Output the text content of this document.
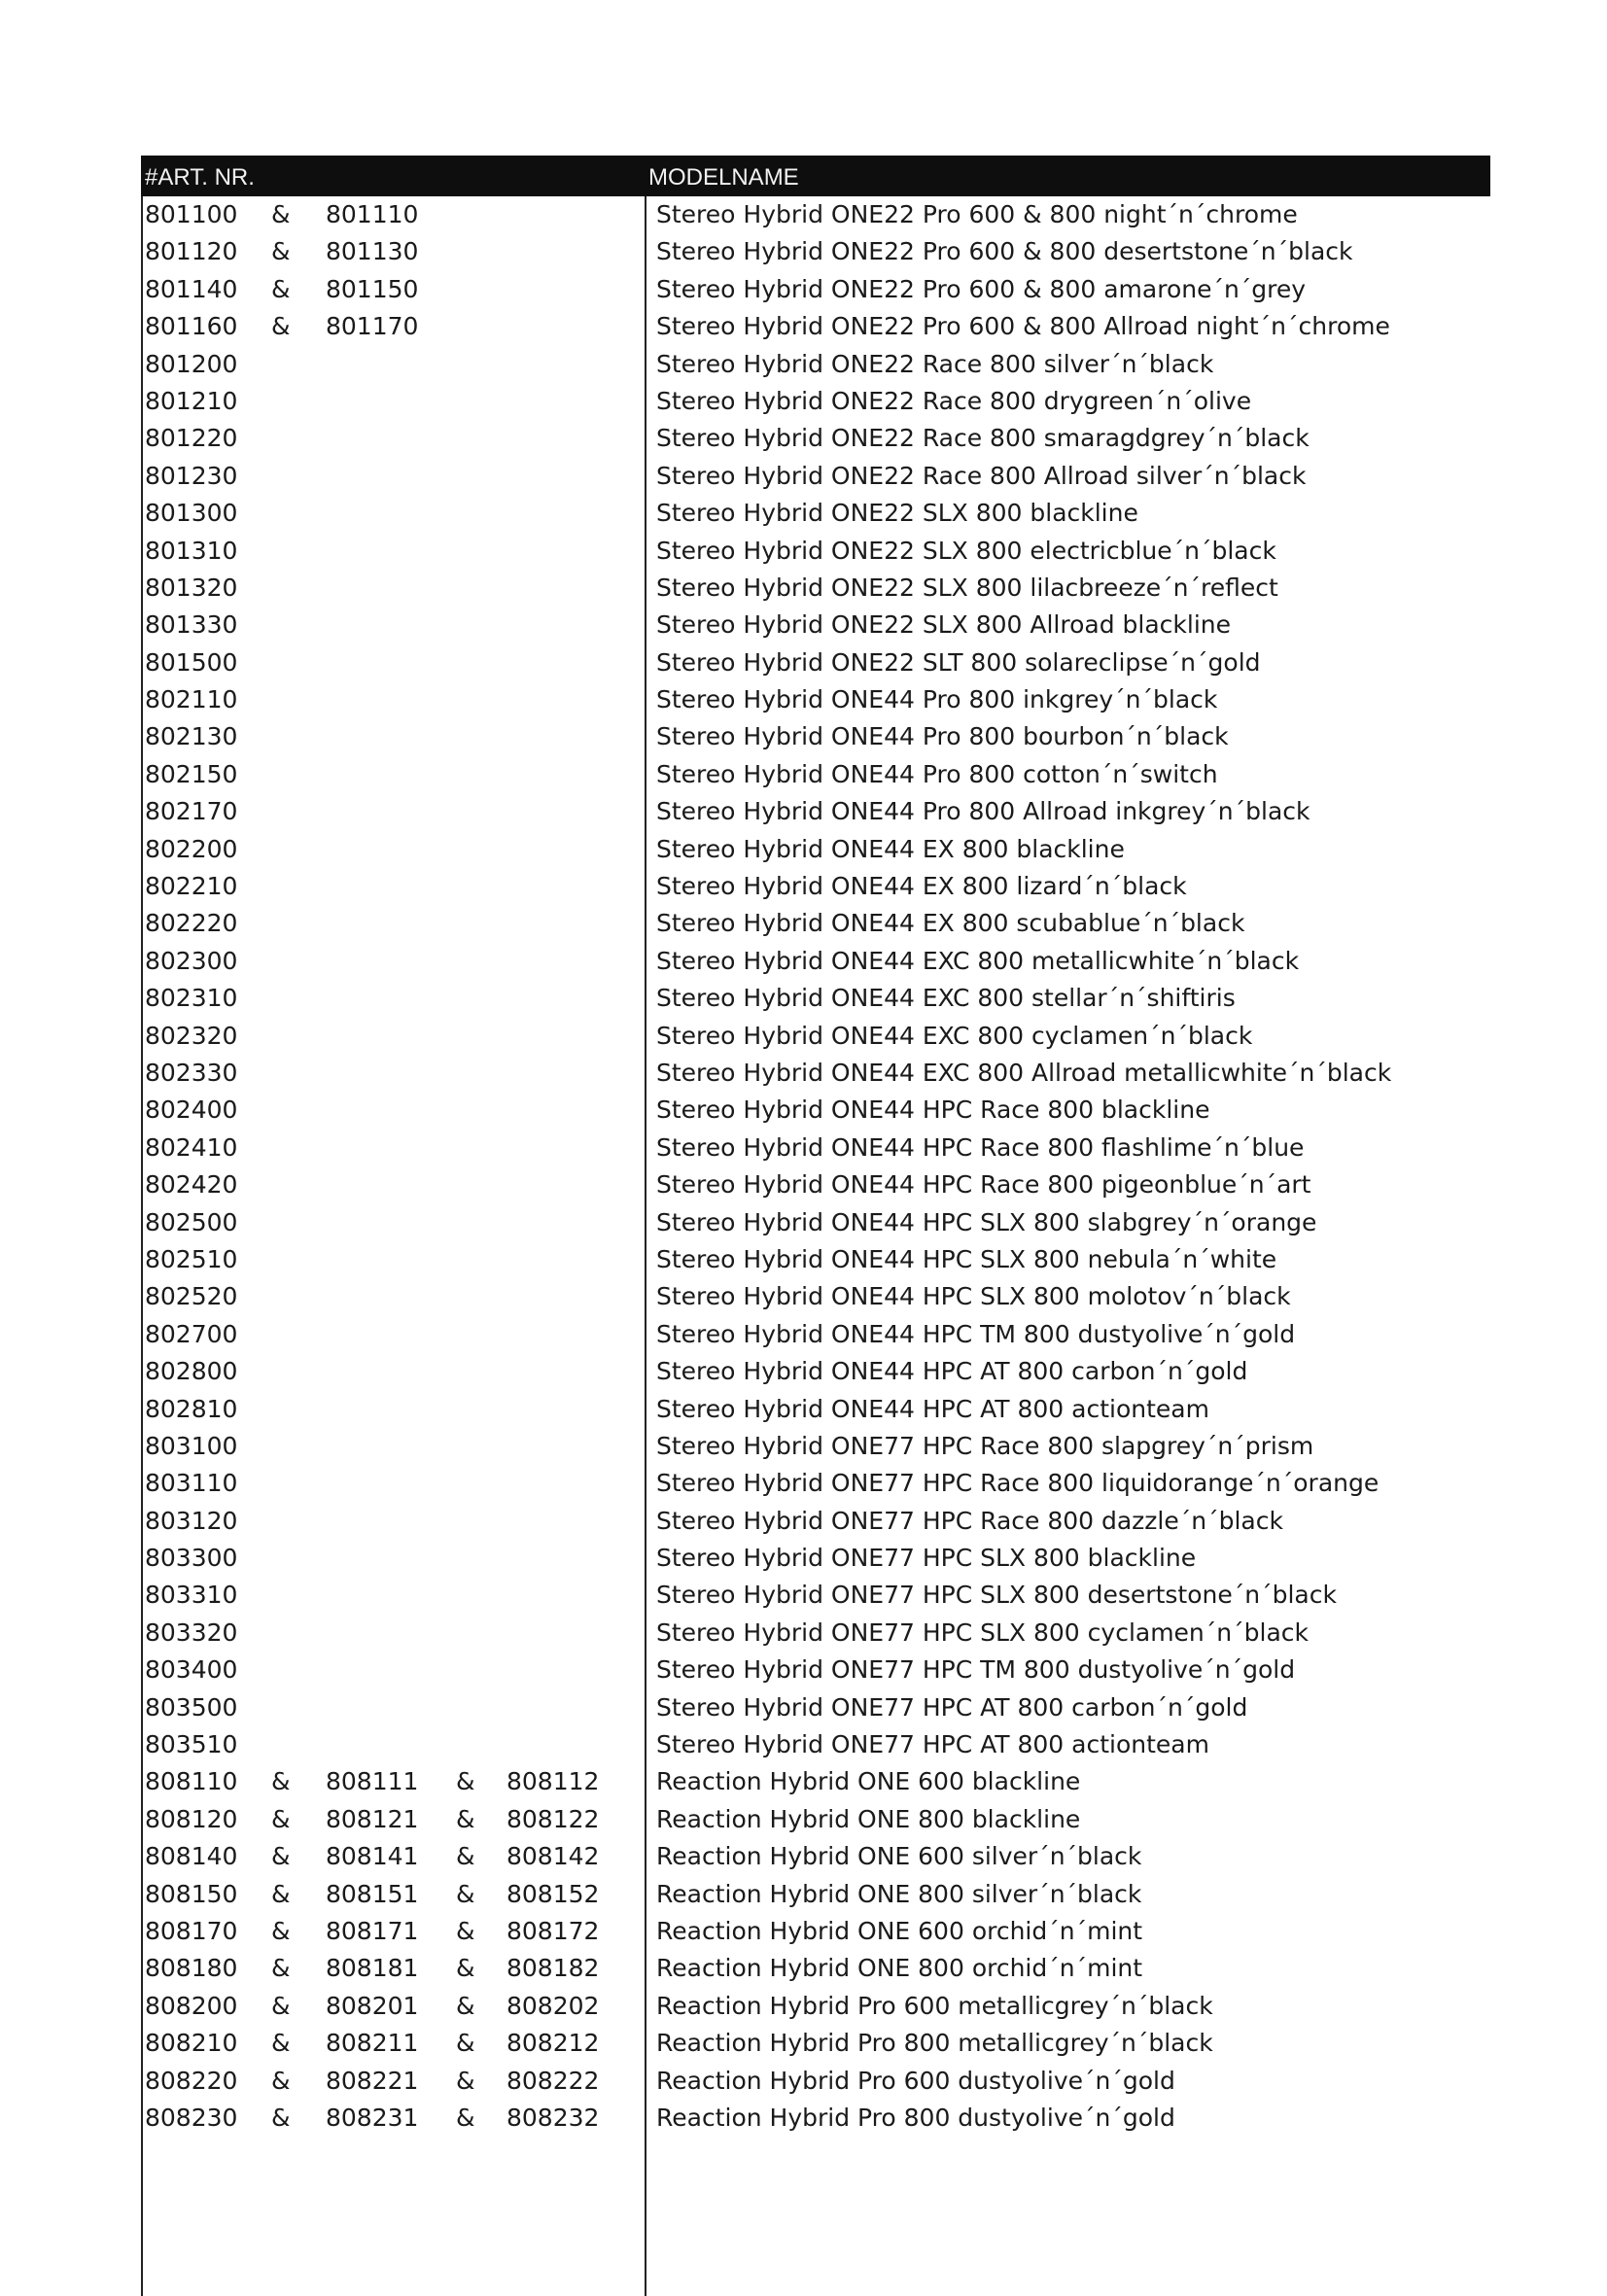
#ART. NR.	MODELNAME
801100 & 801110	Stereo Hybrid ONE22 Pro 600 & 800 night´n´chrome
801120 & 801130	Stereo Hybrid ONE22 Pro 600 & 800 desertstone´n´black
801140 & 801150	Stereo Hybrid ONE22 Pro 600 & 800 amarone´n´grey
801160 & 801170	Stereo Hybrid ONE22 Pro 600 & 800 Allroad night´n´chrome
801200	Stereo Hybrid ONE22 Race 800 silver´n´black
801210	Stereo Hybrid ONE22 Race 800 drygreen´n´olive
801220	Stereo Hybrid ONE22 Race 800 smaragdgrey´n´black
801230	Stereo Hybrid ONE22 Race 800 Allroad silver´n´black
801300	Stereo Hybrid ONE22 SLX 800 blackline
801310	Stereo Hybrid ONE22 SLX 800 electricblue´n´black
801320	Stereo Hybrid ONE22 SLX 800 lilacbreeze´n´reflect
801330	Stereo Hybrid ONE22 SLX 800 Allroad blackline
801500	Stereo Hybrid ONE22 SLT 800 solareclipse´n´gold
802110	Stereo Hybrid ONE44 Pro 800 inkgrey´n´black
802130	Stereo Hybrid ONE44 Pro 800 bourbon´n´black
802150	Stereo Hybrid ONE44 Pro 800 cotton´n´switch
802170	Stereo Hybrid ONE44 Pro 800 Allroad inkgrey´n´black
802200	Stereo Hybrid ONE44 EX 800 blackline
802210	Stereo Hybrid ONE44 EX 800 lizard´n´black
802220	Stereo Hybrid ONE44 EX 800 scubablue´n´black
802300	Stereo Hybrid ONE44 EXC 800 metallicwhite´n´black
802310	Stereo Hybrid ONE44 EXC 800 stellar´n´shiftiris
802320	Stereo Hybrid ONE44 EXC 800 cyclamen´n´black
802330	Stereo Hybrid ONE44 EXC 800 Allroad metallicwhite´n´black
802400	Stereo Hybrid ONE44 HPC Race 800 blackline
802410	Stereo Hybrid ONE44 HPC Race 800 flashlime´n´blue
802420	Stereo Hybrid ONE44 HPC Race 800 pigeonblue´n´art
802500	Stereo Hybrid ONE44 HPC SLX 800 slabgrey´n´orange
802510	Stereo Hybrid ONE44 HPC SLX 800 nebula´n´white
802520	Stereo Hybrid ONE44 HPC SLX 800 molotov´n´black
802700	Stereo Hybrid ONE44 HPC TM 800 dustyolive´n´gold
802800	Stereo Hybrid ONE44 HPC AT 800 carbon´n´gold
802810	Stereo Hybrid ONE44 HPC AT 800 actionteam
803100	Stereo Hybrid ONE77 HPC Race 800 slapgrey´n´prism
803110	Stereo Hybrid ONE77 HPC Race 800 liquidorange´n´orange
803120	Stereo Hybrid ONE77 HPC Race 800 dazzle´n´black
803300	Stereo Hybrid ONE77 HPC SLX 800 blackline
803310	Stereo Hybrid ONE77 HPC SLX 800 desertstone´n´black
803320	Stereo Hybrid ONE77 HPC SLX 800 cyclamen´n´black
803400	Stereo Hybrid ONE77 HPC TM 800 dustyolive´n´gold
803500	Stereo Hybrid ONE77 HPC AT 800 carbon´n´gold
803510	Stereo Hybrid ONE77 HPC AT 800 actionteam
808110 & 808111 & 808112 Reaction Hybrid ONE 600 blackline
808120 & 808121 & 808122 Reaction Hybrid ONE 800 blackline
808140 & 808141 & 808142 Reaction Hybrid ONE 600 silver´n´black
808150 & 808151 & 808152 Reaction Hybrid ONE 800 silver´n´black
808170 & 808171 & 808172 Reaction Hybrid ONE 600 orchid´n´mint
808180 & 808181 & 808182 Reaction Hybrid ONE 800 orchid´n´mint
808200 & 808201 & 808202 Reaction Hybrid Pro 600 metallicgrey´n´black
808210 & 808211 & 808212 Reaction Hybrid Pro 800 metallicgrey´n´black
808220 & 808221 & 808222 Reaction Hybrid Pro 600 dustyolive´n´gold
808230 & 808231 & 808232 Reaction Hybrid Pro 800 dustyolive´n´gold
